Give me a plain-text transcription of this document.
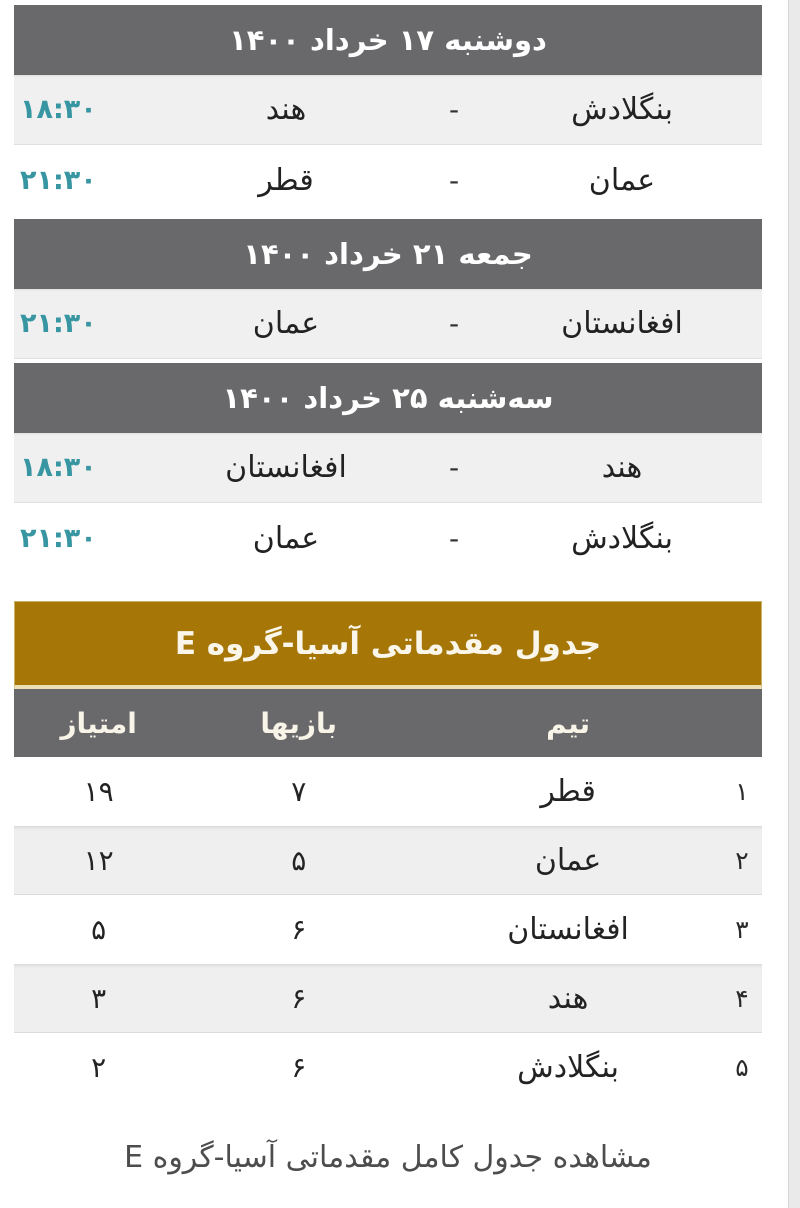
دوشنبه ۱۷ خرداد ۱۴۰۰
بنگلادش
-
هند
۱۸:۳۰
عمان
-
قطر
۲۱:۳۰
جمعه ۲۱ خرداد ۱۴۰۰
افغانستان
-
عمان
۲۱:۳۰
سه‌شنبه ۲۵ خرداد ۱۴۰۰
هند
-
افغانستان
۱۸:۳۰
بنگلادش
-
عمان
۲۱:۳۰
جدول مقدماتی آسیا-گروه E
تیم
بازیها
امتیاز
۱
قطر
۷
۱۹
۲
عمان
۵
۱۲
۳
افغانستان
۶
۵
۴
هند
۶
۳
۵
بنگلادش
۶
۲
مشاهده جدول کامل مقدماتی آسیا-گروه E
